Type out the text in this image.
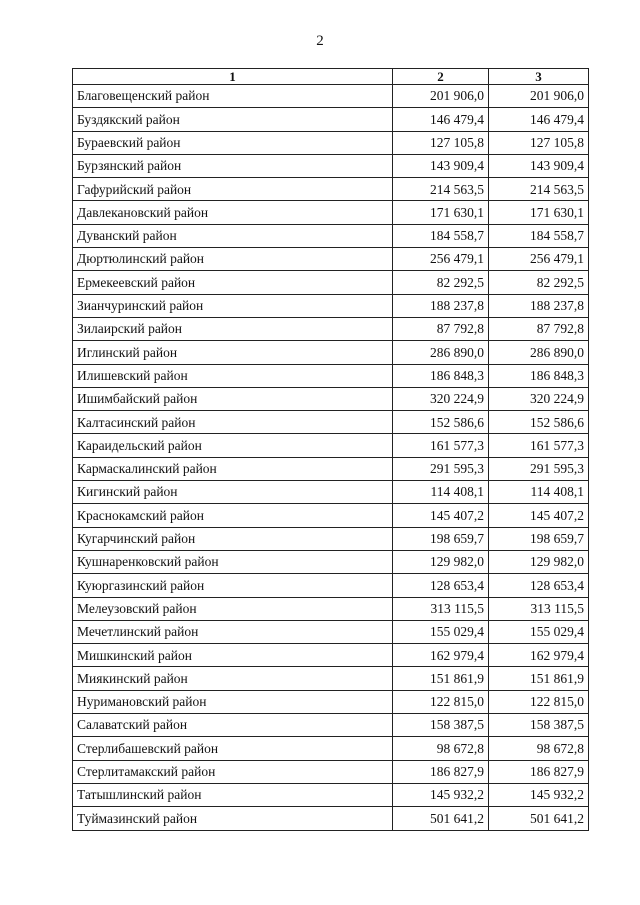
2
1	2	3
Благовещенский район	201 906,0	201 906,0
Буздякский район	146 479,4	146 479,4
Бураевский район	127 105,8	127 105,8
Бурзянский район	143 909,4	143 909,4
Гафурийский район	214 563,5	214 563,5
Давлекановский район	171 630,1	171 630,1
Дуванский район	184 558,7	184 558,7
Дюртюлинский район	256 479,1	256 479,1
Ермекеевский район	82 292,5	82 292,5
Зианчуринский район	188 237,8	188 237,8
Зилаирский район	87 792,8	87 792,8
Иглинский район	286 890,0	286 890,0
Илишевский район	186 848,3	186 848,3
Ишимбайский район	320 224,9	320 224,9
Калтасинский район	152 586,6	152 586,6
Караидельский район	161 577,3	161 577,3
Кармаскалинский район	291 595,3	291 595,3
Кигинский район	114 408,1	114 408,1
Краснокамский район	145 407,2	145 407,2
Кугарчинский район	198 659,7	198 659,7
Кушнаренковский район	129 982,0	129 982,0
Куюргазинский район	128 653,4	128 653,4
Мелеузовский район	313 115,5	313 115,5
Мечетлинский район	155 029,4	155 029,4
Мишкинский район	162 979,4	162 979,4
Миякинский район	151 861,9	151 861,9
Нуримановский район	122 815,0	122 815,0
Салаватский район	158 387,5	158 387,5
Стерлибашевский район	98 672,8	98 672,8
Стерлитамакский район	186 827,9	186 827,9
Татышлинский район	145 932,2	145 932,2
Туймазинский район	501 641,2	501 641,2
